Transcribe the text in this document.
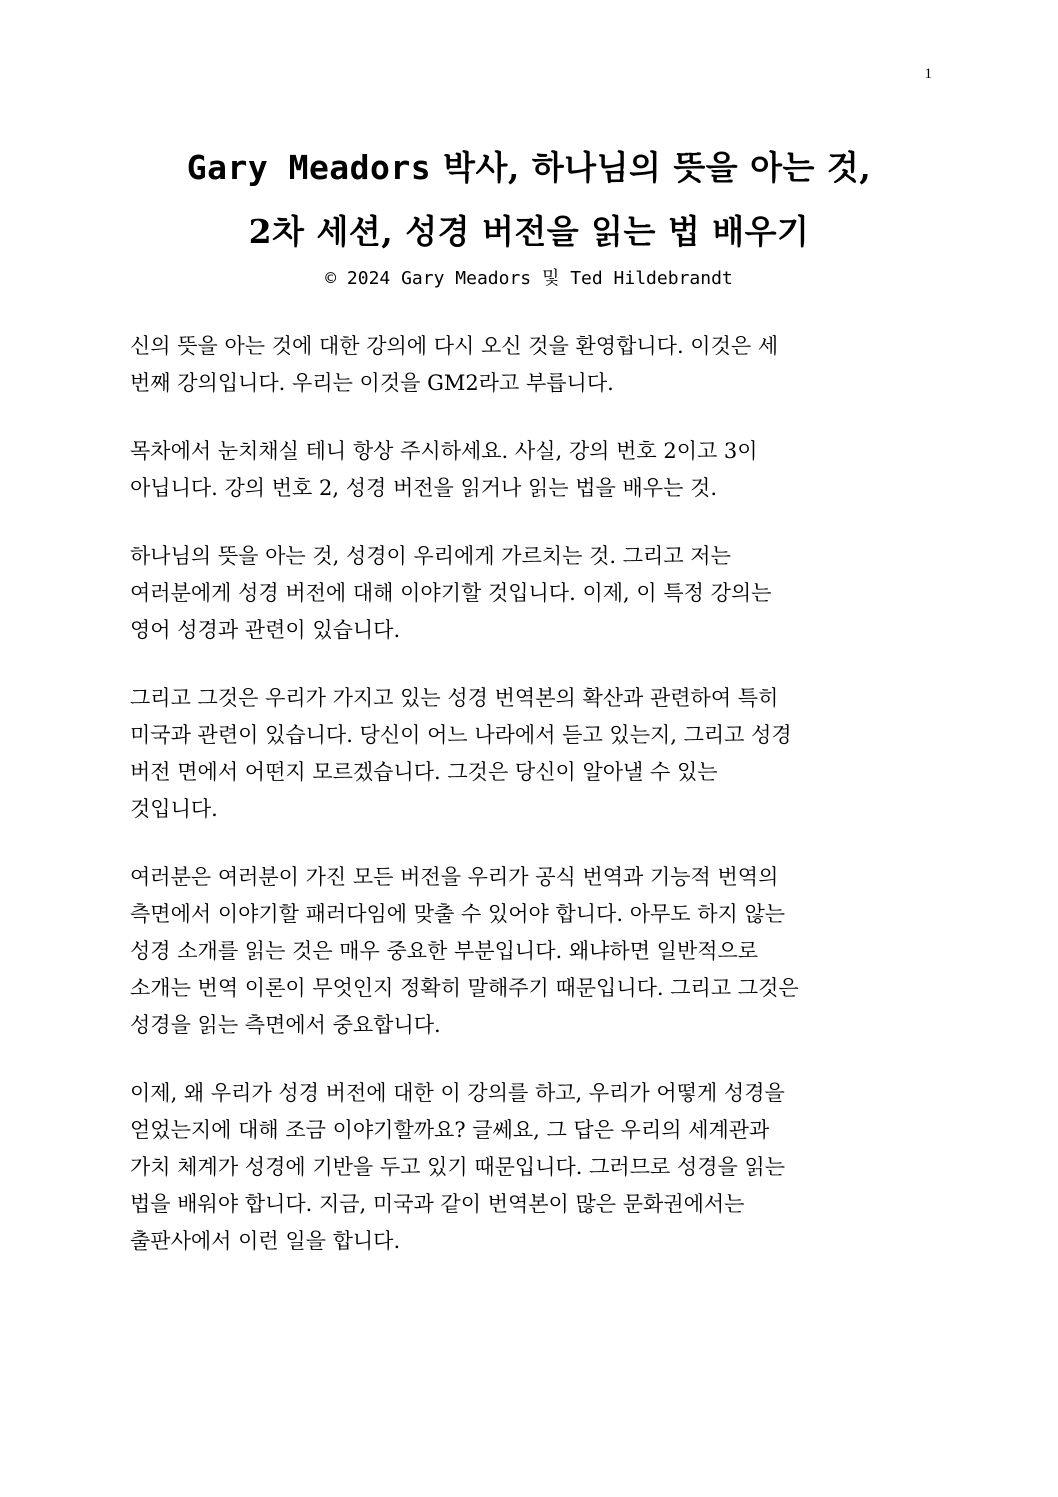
1
Gary Meadors 박사, 하나님의 뜻을 아는 것,
2차 세션, 성경 버전을 읽는 법 배우기
© 2024 Gary Meadors 및 Ted Hildebrandt

신의 뜻을 아는 것에 대한 강의에 다시 오신 것을 환영합니다. 이것은 세
번째 강의입니다. 우리는 이것을 GM2라고 부릅니다.

목차에서 눈치채실 테니 항상 주시하세요. 사실, 강의 번호 2이고 3이
아닙니다. 강의 번호 2, 성경 버전을 읽거나 읽는 법을 배우는 것.

하나님의 뜻을 아는 것, 성경이 우리에게 가르치는 것. 그리고 저는
여러분에게 성경 버전에 대해 이야기할 것입니다. 이제, 이 특정 강의는
영어 성경과 관련이 있습니다.

그리고 그것은 우리가 가지고 있는 성경 번역본의 확산과 관련하여 특히
미국과 관련이 있습니다. 당신이 어느 나라에서 듣고 있는지, 그리고 성경
버전 면에서 어떤지 모르겠습니다. 그것은 당신이 알아낼 수 있는
것입니다.

여러분은 여러분이 가진 모든 버전을 우리가 공식 번역과 기능적 번역의
측면에서 이야기할 패러다임에 맞출 수 있어야 합니다. 아무도 하지 않는
성경 소개를 읽는 것은 매우 중요한 부분입니다. 왜냐하면 일반적으로
소개는 번역 이론이 무엇인지 정확히 말해주기 때문입니다. 그리고 그것은
성경을 읽는 측면에서 중요합니다.

이제, 왜 우리가 성경 버전에 대한 이 강의를 하고, 우리가 어떻게 성경을
얻었는지에 대해 조금 이야기할까요? 글쎄요, 그 답은 우리의 세계관과
가치 체계가 성경에 기반을 두고 있기 때문입니다. 그러므로 성경을 읽는
법을 배워야 합니다. 지금, 미국과 같이 번역본이 많은 문화권에서는
출판사에서 이런 일을 합니다.
